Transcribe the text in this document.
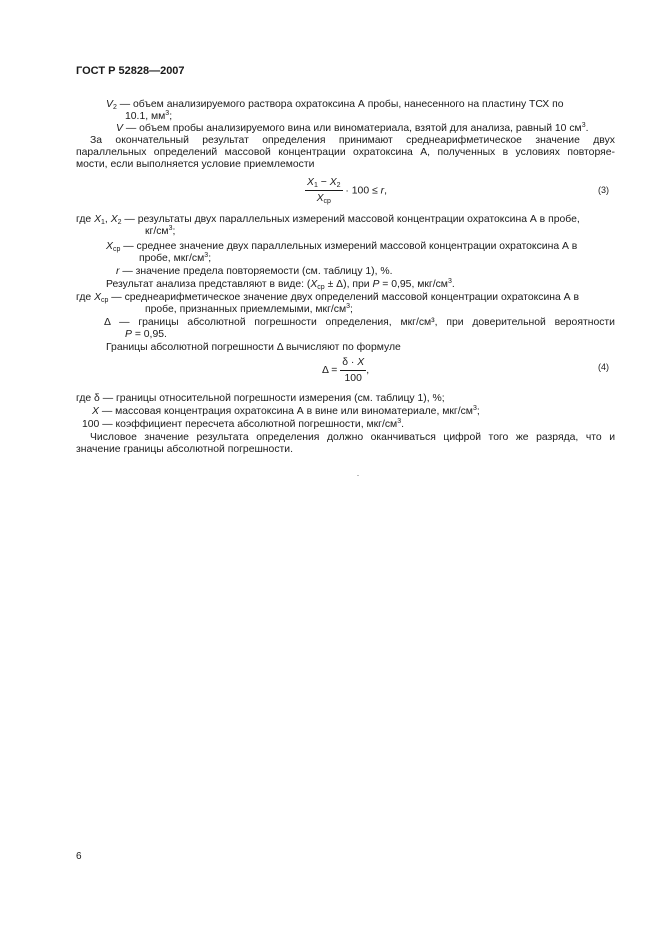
ГОСТ Р 52828—2007
$V_2$ — объем анализируемого раствора охратоксина А пробы, нанесенного на пластину ТСХ по
10.1, $мм^3$;
V — объем пробы анализируемого вина или виноматериала, взятой для анализа, равный 10 $см^3$.
За окончательный результат определения принимают среднеарифметическое значение двух
параллельных определений массовой концентрации охратоксина А, полученных в условиях повторяе-
мости, если выполняется условие приемлемости
$\frac{X_1 - X_2}{X_{ср}} \cdot 100 \le r$,	(3)
где $X_1$, $X_2$ — результаты двух параллельных измерений массовой концентрации охратоксина А в пробе,
$кг/см^3$;
$X_{ср}$ — среднее значение двух параллельных измерений массовой концентрации охратоксина А в
пробе, мкг/$см^3$;
r — значение предела повторяемости (см. таблицу 1), %.
Результат анализа представляют в виде: $(X_{ср} \pm \Delta)$, при P = 0,95, мкг/$см^3$.
где $X_{ср}$ — среднеарифметическое значение двух определений массовой концентрации охратоксина А в
пробе, признанных приемлемыми, мкг/$см^3$;
Δ — границы абсолютной погрешности определения, мкг/см³, при доверительной вероятности
P = 0,95.
Границы абсолютной погрешности Δ вычисляют по формуле
$\Delta = \frac{\delta \cdot X}{100}$ ,	(4)
где δ — границы относительной погрешности измерения (см. таблицу 1), %;
X — массовая концентрация охратоксина А в вине или виноматериале, мкг/$см^3$;
100 — коэффициент пересчета абсолютной погрешности, мкг/$см^3$.
Числовое значение результата определения должно оканчиваться цифрой того же разряда, что и
значение границы абсолютной погрешности.
6
